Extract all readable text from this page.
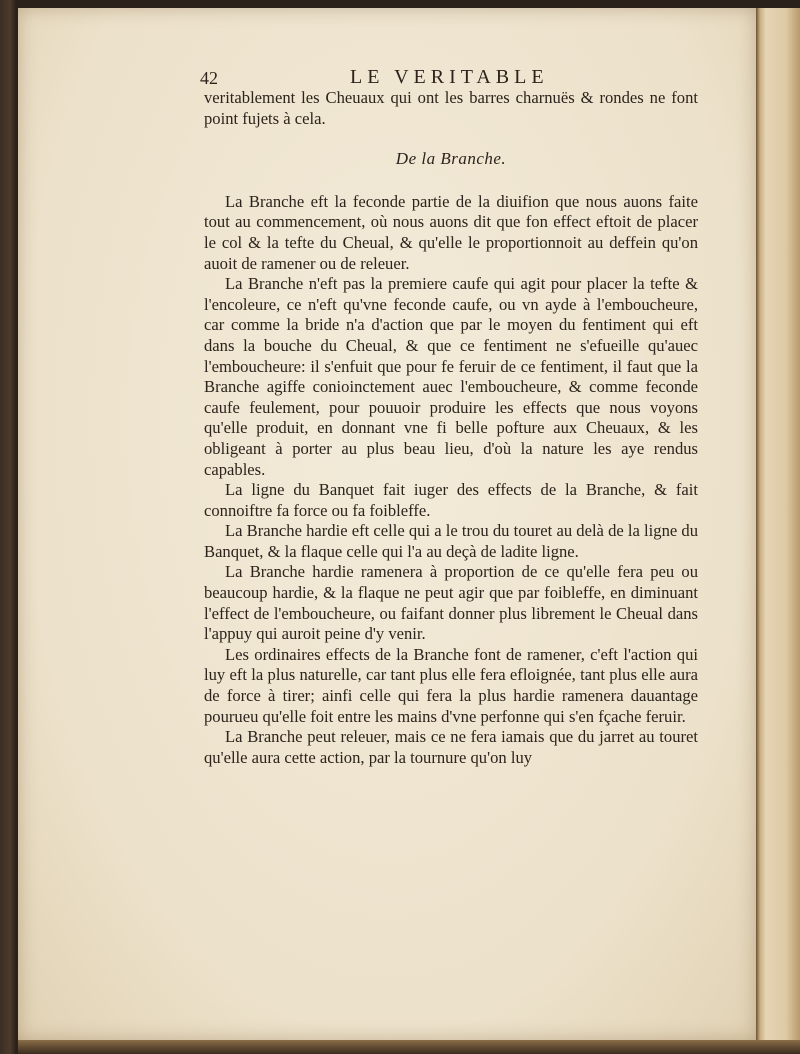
42	LE VERITABLE

veritablement les Cheuaux qui ont les barres charnuës & rondes ne font point fujets à cela.

De la Branche.

La Branche eft la feconde partie de la diuifion que nous auons faite tout au commencement, où nous auons dit que fon effect eftoit de placer le col & la tefte du Cheual, & qu'elle le proportionnoit au deffein qu'on auoit de ramener ou de releuer.

La Branche n'eft pas la premiere caufe qui agit pour placer la tefte & l'encoleure, ce n'eft qu'vne feconde caufe, ou vn ayde à l'emboucheure, car comme la bride n'a d'action que par le moyen du fentiment qui eft dans la bouche du Cheual, & que ce fentiment ne s'efueille qu'auec l'emboucheure: il s'enfuit que pour fe feruir de ce fentiment, il faut que la Branche agiffe conioinctement auec l'emboucheure, & comme feconde caufe feulement, pour pouuoir produire les effects que nous voyons qu'elle produit, en donnant vne fi belle pofture aux Cheuaux, & les obligeant à porter au plus beau lieu, d'où la nature les aye rendus capables.

La ligne du Banquet fait iuger des effects de la Branche, & fait connoiftre fa force ou fa foibleffe.

La Branche hardie eft celle qui a le trou du touret au delà de la ligne du Banquet, & la flaque celle qui l'a au deçà de ladite ligne.

La Branche hardie ramenera à proportion de ce qu'elle fera peu ou beaucoup hardie, & la flaque ne peut agir que par foibleffe, en diminuant l'effect de l'emboucheure, ou faifant donner plus librement le Cheual dans l'appuy qui auroit peine d'y venir.

Les ordinaires effects de la Branche font de ramener, c'eft l'action qui luy eft la plus naturelle, car tant plus elle fera efloignée, tant plus elle aura de force à tirer; ainfi celle qui fera la plus hardie ramenera dauantage pourueu qu'elle foit entre les mains d'vne perfonne qui s'en fçache feruir.

La Branche peut releuer, mais ce ne fera iamais que du jarret au touret qu'elle aura cette action, par la tournure qu'on luy
